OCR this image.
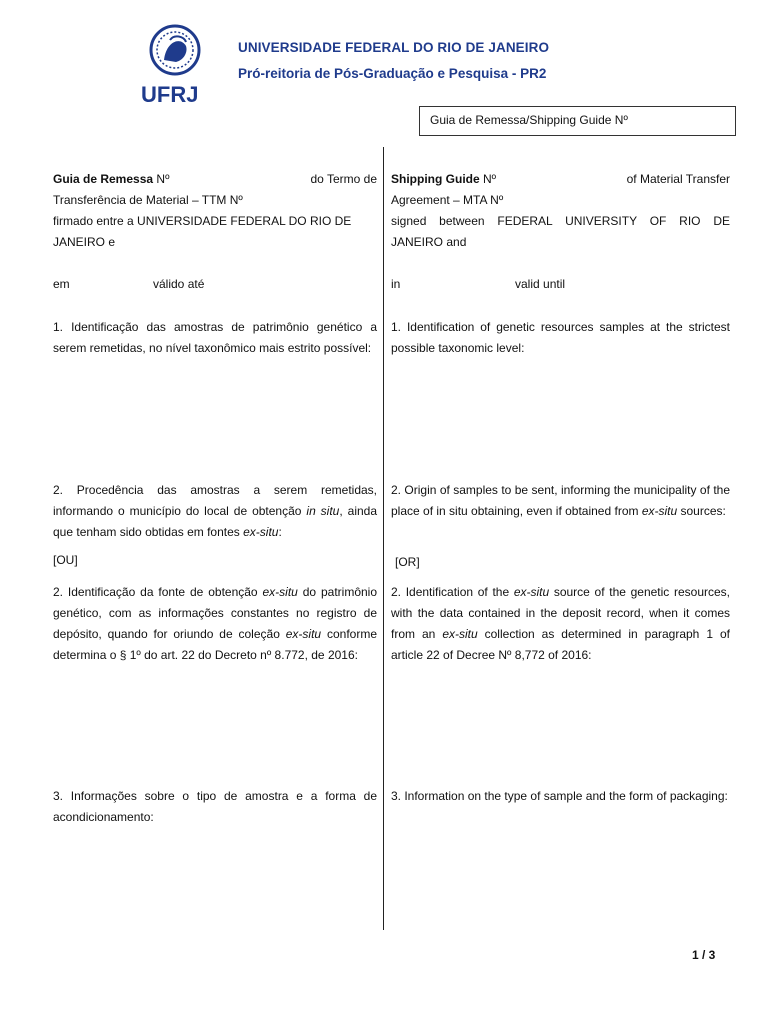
UFRJ
UNIVERSIDADE FEDERAL DO RIO DE JANEIRO
Pró-reitoria de Pós-Graduação e Pesquisa - PR2
Guia de Remessa/Shipping Guide Nº
Guia de Remessa Nº	do Termo de
Transferência de Material – TTM Nº
firmado entre a UNIVERSIDADE FEDERAL DO RIO DE
JANEIRO e
em	válido até
1. Identificação das amostras de patrimônio genético a serem remetidas, no nível taxonômico mais estrito possível:
2. Procedência das amostras a serem remetidas, informando o município do local de obtenção in situ, ainda que tenham sido obtidas em fontes ex-situ:
[OU]
2. Identificação da fonte de obtenção ex-situ do patrimônio genético, com as informações constantes no registro de depósito, quando for oriundo de coleção ex-situ conforme determina o § 1º do art. 22 do Decreto nº 8.772, de 2016:
3. Informações sobre o tipo de amostra e a forma de acondicionamento:
Shipping Guide Nº	of Material Transfer
Agreement – MTA Nº
signed between FEDERAL UNIVERSITY OF RIO DE
JANEIRO and
in	valid until
1. Identification of genetic resources samples at the strictest possible taxonomic level:
2. Origin of samples to be sent, informing the municipality of the place of in situ obtaining, even if obtained from ex-situ sources:
[OR]
2. Identification of the ex-situ source of the genetic resources, with the data contained in the deposit record, when it comes from an ex-situ collection as determined in paragraph 1 of article 22 of Decree Nº 8,772 of 2016:
3. Information on the type of sample and the form of packaging:
1 / 3
